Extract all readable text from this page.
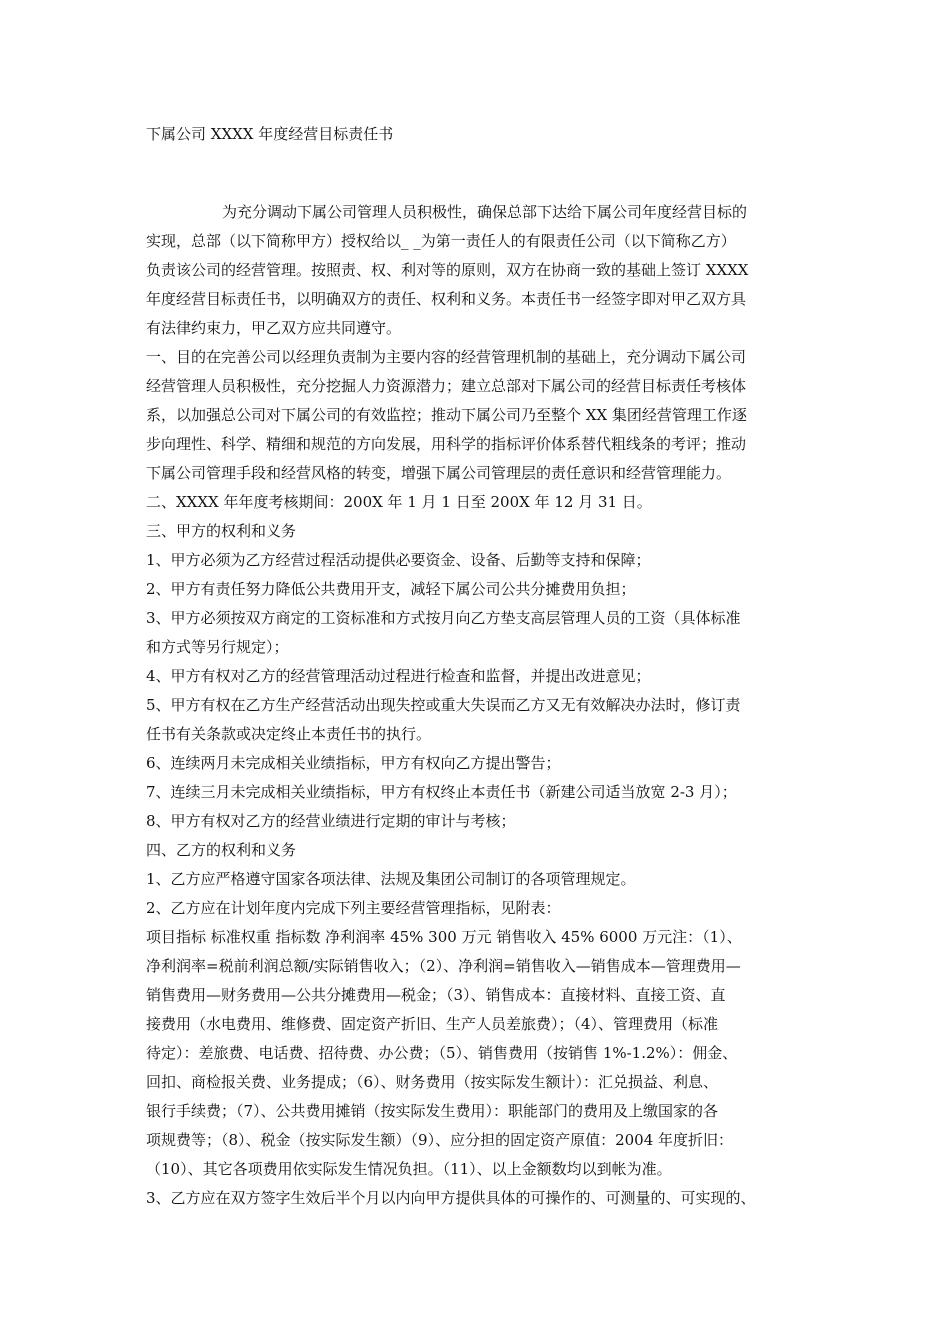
下属公司 XXXX 年度经营目标责任书

为充分调动下属公司管理人员积极性，确保总部下达给下属公司年度经营目标的

实现，总部（以下简称甲方）授权给以_ _为第一责任人的有限责任公司（以下简称乙方）

负责该公司的经营管理。按照责、权、利对等的原则，双方在协商一致的基础上签订 XXXX

年度经营目标责任书，以明确双方的责任、权利和义务。本责任书一经签字即对甲乙双方具

有法律约束力，甲乙双方应共同遵守。

一、目的在完善公司以经理负责制为主要内容的经营管理机制的基础上，充分调动下属公司

经营管理人员积极性，充分挖掘人力资源潜力；建立总部对下属公司的经营目标责任考核体

系，以加强总公司对下属公司的有效监控；推动下属公司乃至整个 XX 集团经营管理工作逐

步向理性、科学、精细和规范的方向发展，用科学的指标评价体系替代粗线条的考评；推动

下属公司管理手段和经营风格的转变，增强下属公司管理层的责任意识和经营管理能力。

二、XXXX 年年度考核期间：200X 年 1 月 1 日至 200X 年 12 月 31 日。

三、甲方的权利和义务

1、甲方必须为乙方经营过程活动提供必要资金、设备、后勤等支持和保障；

2、甲方有责任努力降低公共费用开支，减轻下属公司公共分摊费用负担；

3、甲方必须按双方商定的工资标准和方式按月向乙方垫支高层管理人员的工资（具体标准

和方式等另行规定）；

4、甲方有权对乙方的经营管理活动过程进行检查和监督，并提出改进意见；

5、甲方有权在乙方生产经营活动出现失控或重大失误而乙方又无有效解决办法时，修订责

任书有关条款或决定终止本责任书的执行。

6、连续两月未完成相关业绩指标，甲方有权向乙方提出警告；

7、连续三月未完成相关业绩指标，甲方有权终止本责任书（新建公司适当放宽 2-3 月）；

8、甲方有权对乙方的经营业绩进行定期的审计与考核；

四、乙方的权利和义务

1、乙方应严格遵守国家各项法律、法规及集团公司制订的各项管理规定。

2、乙方应在计划年度内完成下列主要经营管理指标，见附表：

项目指标 标准权重 指标数 净利润率 45% 300 万元 销售收入 45% 6000 万元注：（1）、

净利润率=税前利润总额/实际销售收入；（2）、净利润=销售收入—销售成本—管理费用—

销售费用—财务费用—公共分摊费用—税金；（3）、销售成本：直接材料、直接工资、直

接费用（水电费用、维修费、固定资产折旧、生产人员差旅费）；（4）、管理费用（标准

待定）：差旅费、电话费、招待费、办公费；（5）、销售费用（按销售 1%-1.2%）：佣金、

回扣、商检报关费、业务提成；（6）、财务费用（按实际发生额计）：汇兑损益、利息、

银行手续费；（7）、公共费用摊销（按实际发生费用）：职能部门的费用及上缴国家的各

项规费等；（8）、税金（按实际发生额）（9）、应分担的固定资产原值：2004 年度折旧：

（10）、其它各项费用依实际发生情况负担。（11）、以上金额数均以到帐为准。

3、乙方应在双方签字生效后半个月以内向甲方提供具体的可操作的、可测量的、可实现的、
